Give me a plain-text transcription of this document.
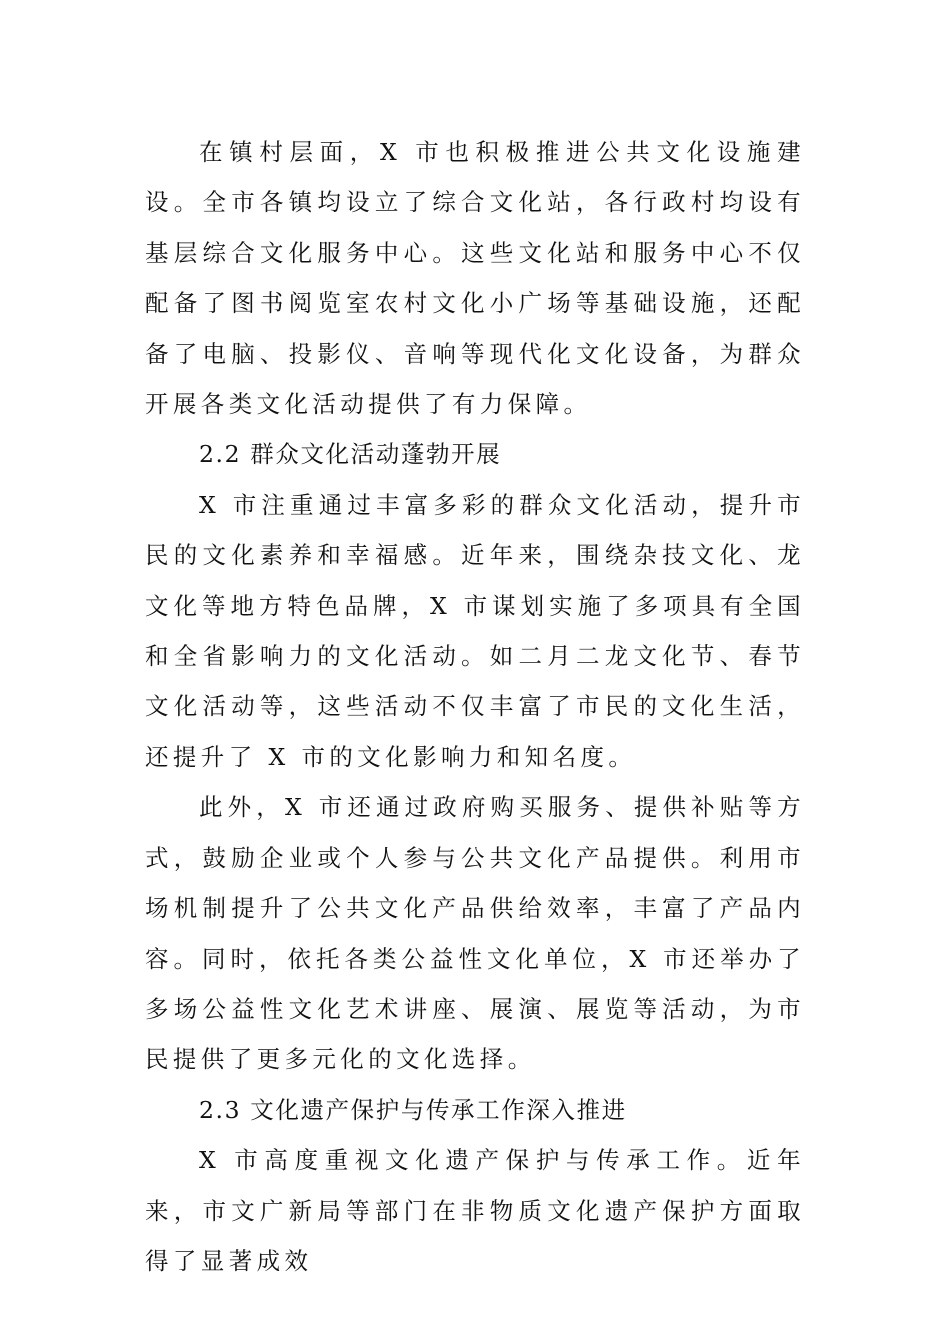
在镇村层面，X 市也积极推进公共文化设施建设。全市各镇均设立了综合文化站，各行政村均设有基层综合文化服务中心。这些文化站和服务中心不仅配备了图书阅览室农村文化小广场等基础设施，还配备了电脑、投影仪、音响等现代化文化设备，为群众开展各类文化活动提供了有力保障。

2.2 群众文化活动蓬勃开展

X 市注重通过丰富多彩的群众文化活动，提升市民的文化素养和幸福感。近年来，围绕杂技文化、龙文化等地方特色品牌，X 市谋划实施了多项具有全国和全省影响力的文化活动。如二月二龙文化节、春节文化活动等，这些活动不仅丰富了市民的文化生活，还提升了 X 市的文化影响力和知名度。

此外，X 市还通过政府购买服务、提供补贴等方式，鼓励企业或个人参与公共文化产品提供。利用市场机制提升了公共文化产品供给效率，丰富了产品内容。同时，依托各类公益性文化单位，X 市还举办了多场公益性文化艺术讲座、展演、展览等活动，为市民提供了更多元化的文化选择。

2.3 文化遗产保护与传承工作深入推进

X 市高度重视文化遗产保护与传承工作。近年来，市文广新局等部门在非物质文化遗产保护方面取得了显著成效
